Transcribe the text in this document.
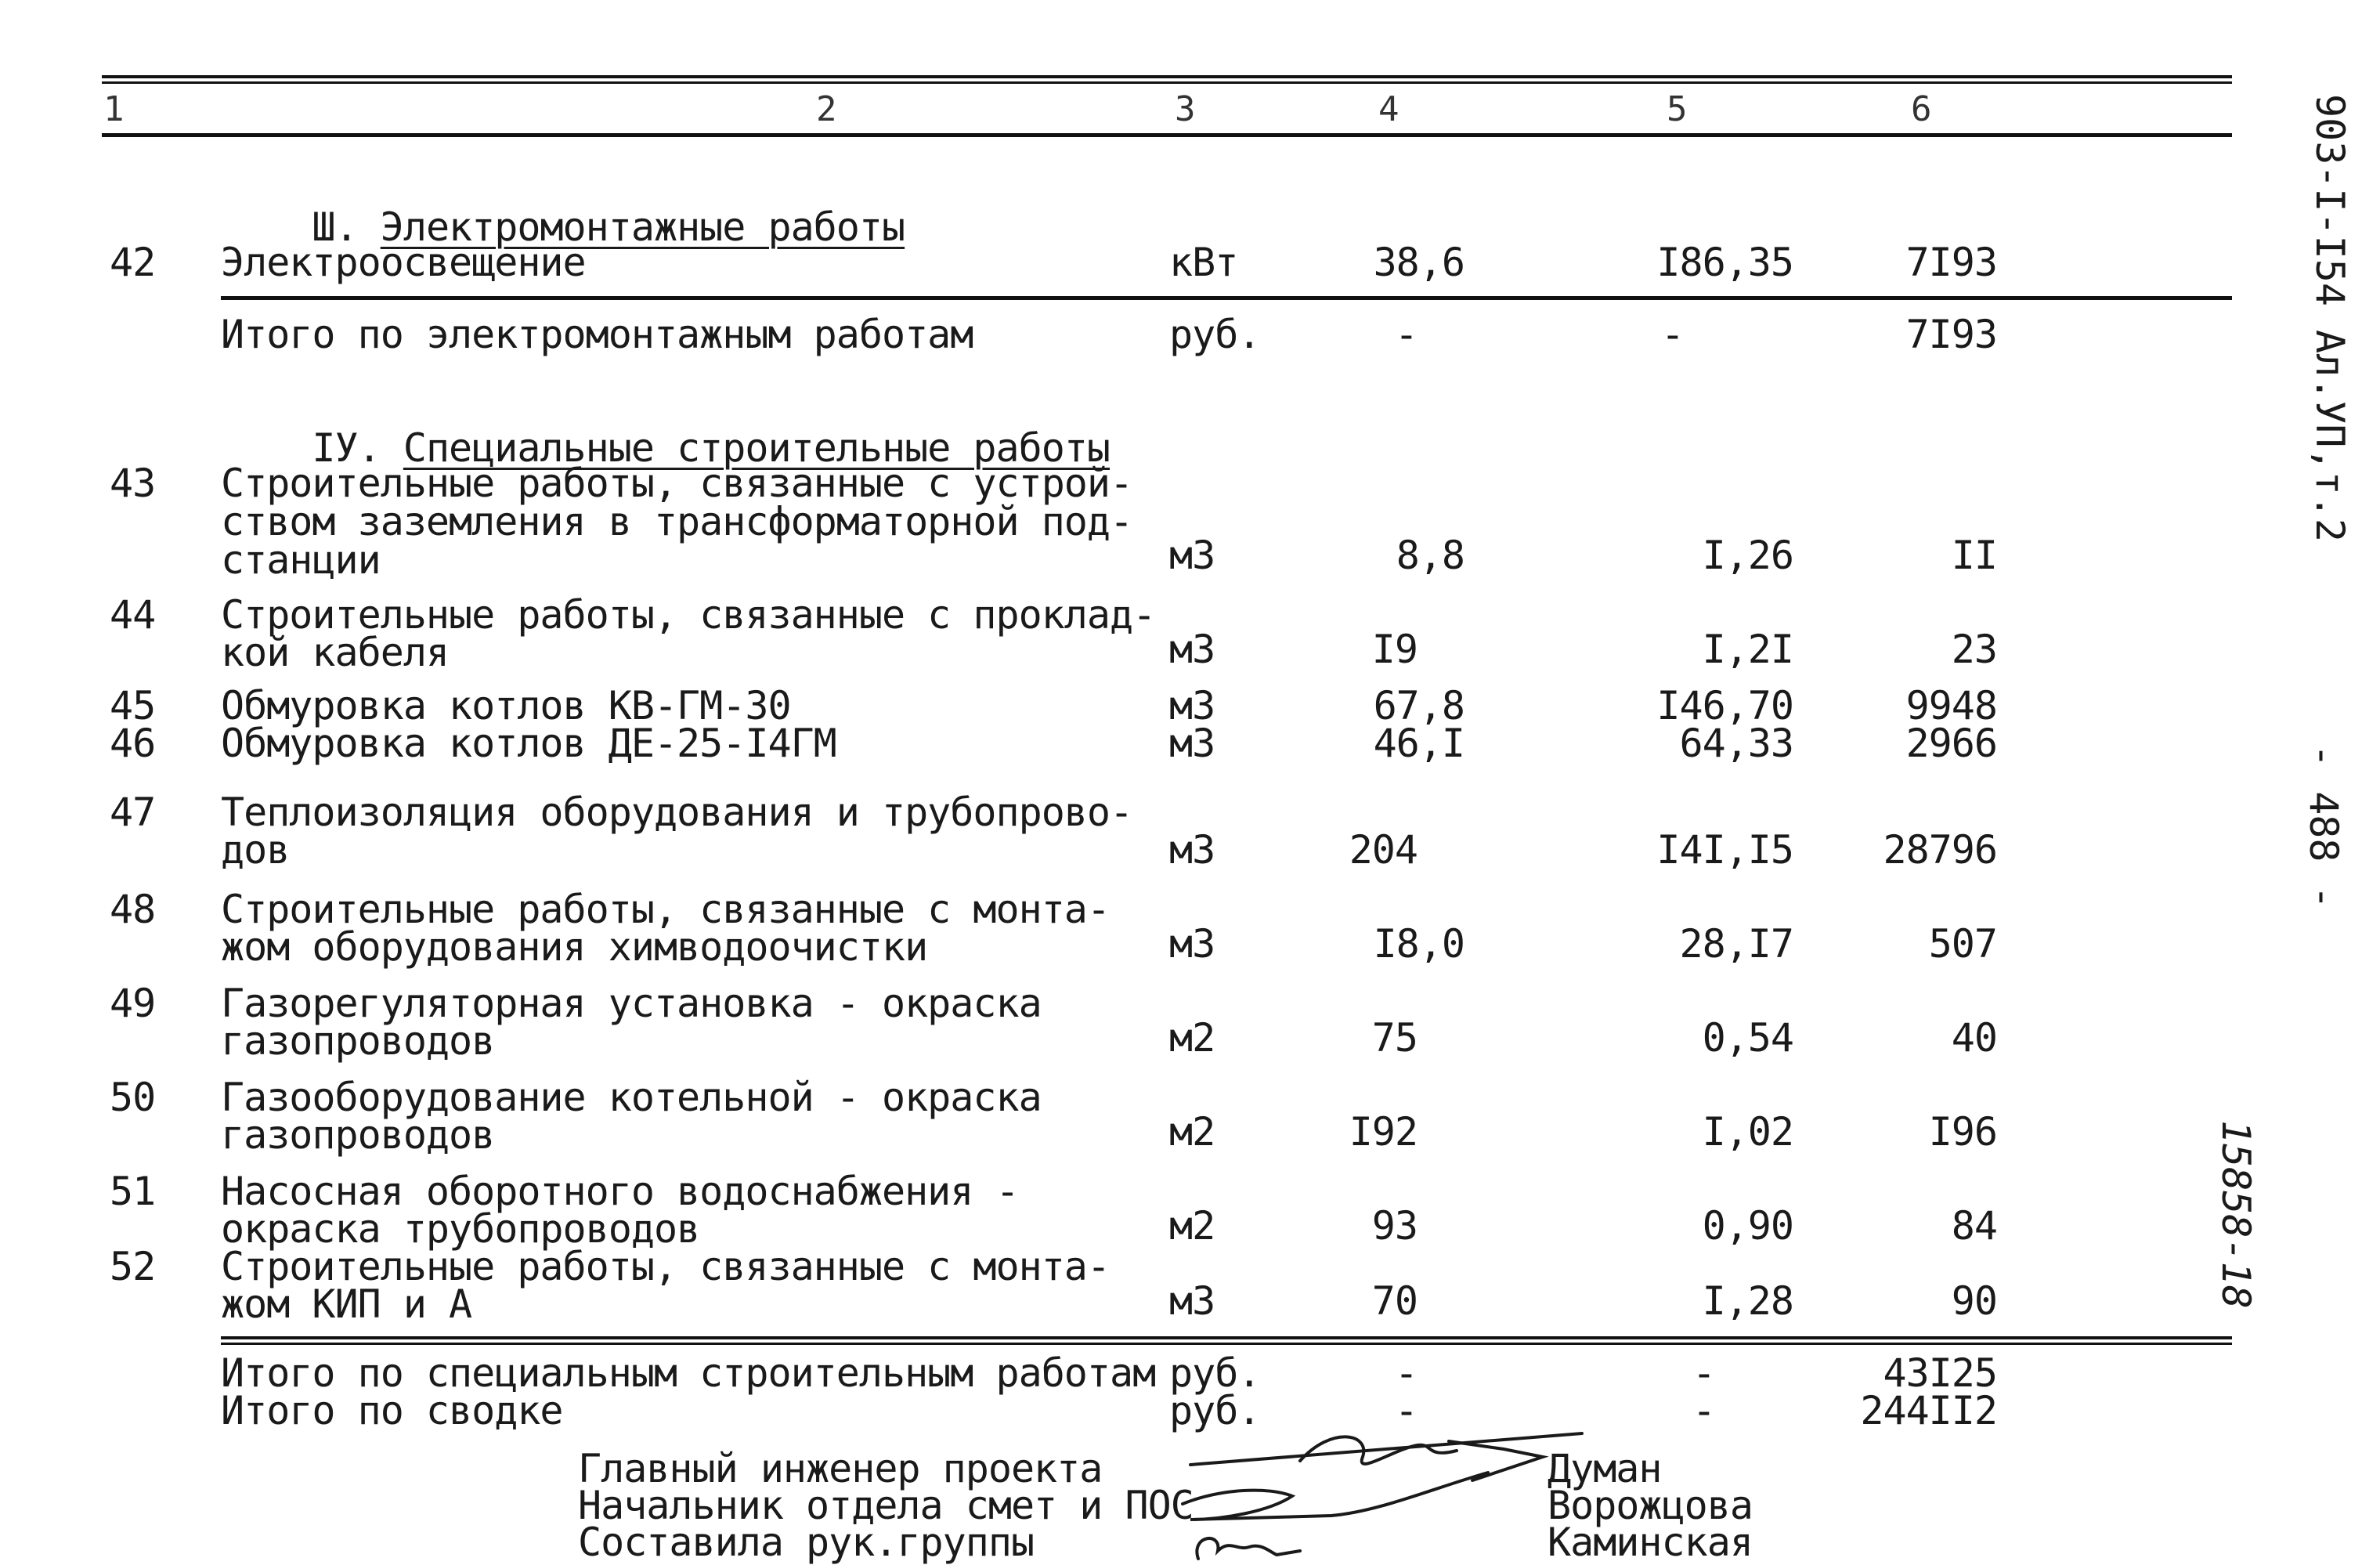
1	2	3	4	5	6

Ш. Электромонтажные работы

42 Электроосвещение	кВт	38,6	I86,35	7I93
Итого по электромонтажным работам	руб.	-	-	7I93

IУ. Специальные строительные работы

43 Строительные работы, связанные с устрой-
ством заземления в трансформаторной под-
станции	м3	8,8	I,26	II
44 Строительные работы, связанные с проклад-
кой кабеля	м3	I9	I,2I	23
45 Обмуровка котлов КВ-ГМ-30	м3	67,8	I46,70	9948
46 Обмуровка котлов ДЕ-25-I4ГМ	м3	46,I	64,33	2966
47 Теплоизоляция оборудования и трубопрово-
дов	м3	204	I4I,I5	28796
48 Строительные работы, связанные с монта-
жом оборудования химводоочистки	м3	I8,0	28,I7	507
49 Газорегуляторная установка - окраска
газопроводов	м2	75	0,54	40
50 Газооборудование котельной - окраска
газопроводов	м2	I92	I,02	I96
51 Насосная оборотного водоснабжения -
окраска трубопроводов	м2	93	0,90	84
52 Строительные работы, связанные с монта-
жом КИП и А	м3	70	I,28	90
Итого по специальным строительным работам руб.	-	-	43I25
Итого по сводке	руб.	-	-	244II2
Главный инженер проекта	Думан
Начальник отдела смет и ПОС	Ворожцова
Составила рук.группы	Каминская
903-I-I54 Ал.УП,т.2
- 488 -
15858-18
